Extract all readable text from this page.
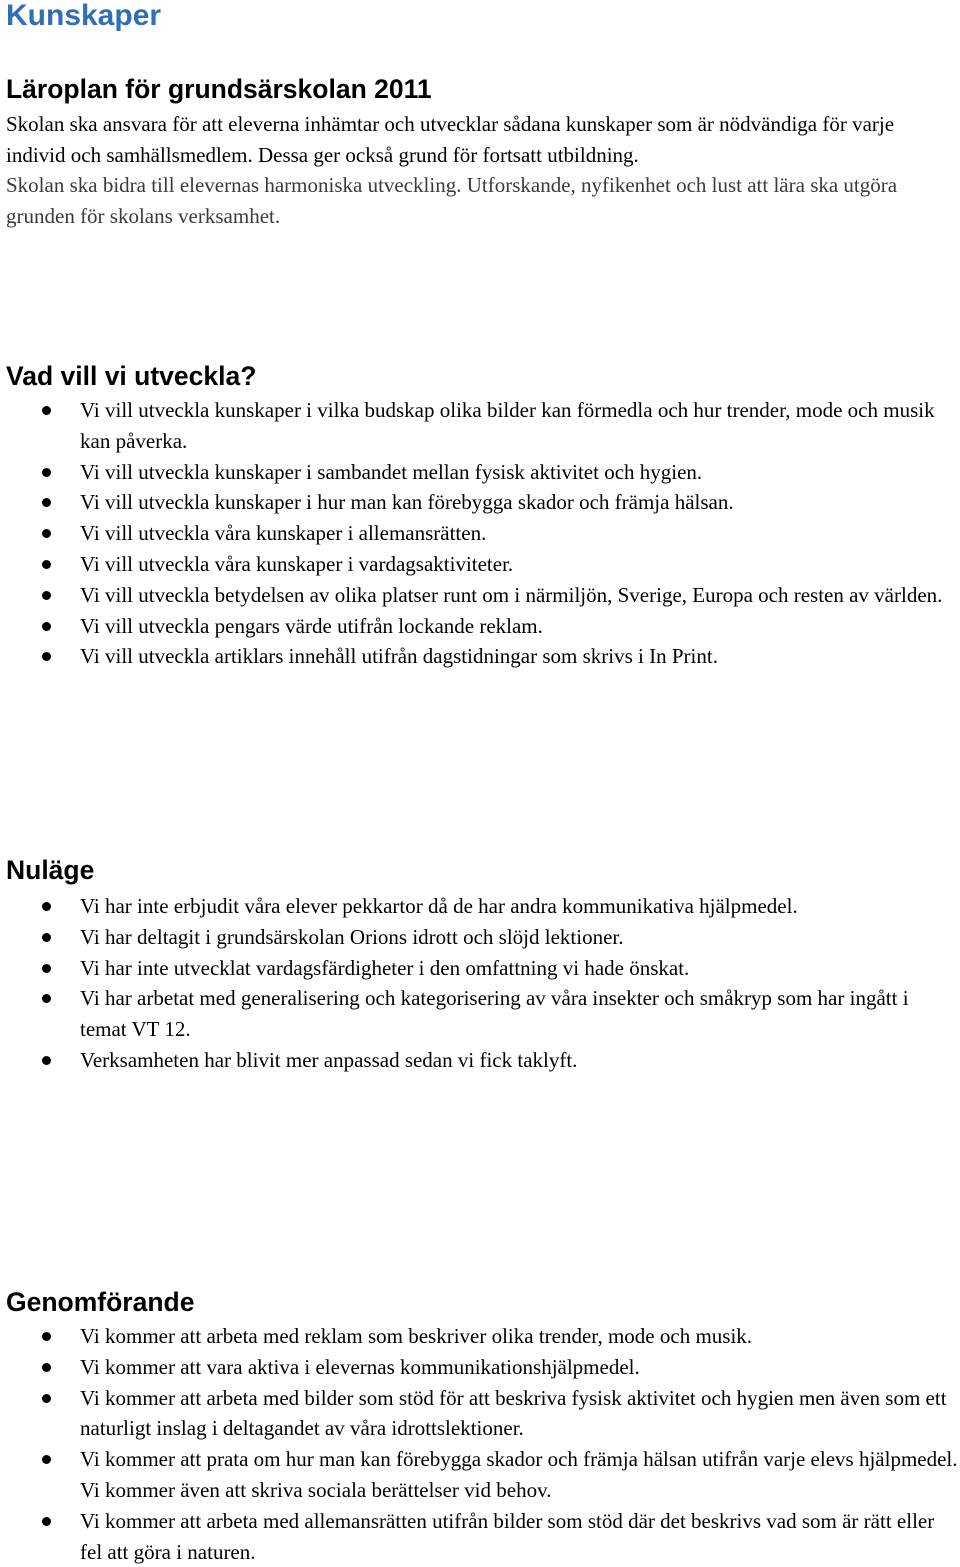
Kunskaper
Läroplan för grundsärskolan 2011

Skolan ska ansvara för att eleverna inhämtar och utvecklar sådana kunskaper som är nödvändiga för varje individ och samhällsmedlem. Dessa ger också grund för fortsatt utbildning.

Skolan ska bidra till elevernas harmoniska utveckling. Utforskande, nyfikenhet och lust att lära ska utgöra grunden för skolans verksamhet.

Vad vill vi utveckla?
Vi vill utveckla kunskaper i vilka budskap olika bilder kan förmedla och hur trender, mode och musik kan påverka.
Vi vill utveckla kunskaper i sambandet mellan fysisk aktivitet och hygien.
Vi vill utveckla kunskaper i hur man kan förebygga skador och främja hälsan.
Vi vill utveckla våra kunskaper i allemansrätten.
Vi vill utveckla våra kunskaper i vardagsaktiviteter.
Vi vill utveckla betydelsen av olika platser runt om i närmiljön, Sverige, Europa och resten av världen.
Vi vill utveckla pengars värde utifrån lockande reklam.
Vi vill utveckla artiklars innehåll utifrån dagstidningar som skrivs i In Print.
Nuläge
Vi har inte erbjudit våra elever pekkartor då de har andra kommunikativa hjälpmedel.
Vi har deltagit i grundsärskolan Orions idrott och slöjd lektioner.
Vi har inte utvecklat vardagsfärdigheter i den omfattning vi hade önskat.
Vi har arbetat med generalisering och kategorisering av våra insekter och småkryp som har ingått i temat VT 12.
Verksamheten har blivit mer anpassad sedan vi fick taklyft.
Genomförande
Vi kommer att arbeta med reklam som beskriver olika trender, mode och musik.
Vi kommer att vara aktiva i elevernas kommunikationshjälpmedel.
Vi kommer att arbeta med bilder som stöd för att beskriva fysisk aktivitet och hygien men även som ett naturligt inslag i deltagandet av våra idrottslektioner.
Vi kommer att prata om hur man kan förebygga skador och främja hälsan utifrån varje elevs hjälpmedel. Vi kommer även att skriva sociala berättelser vid behov.
Vi kommer att arbeta med allemansrätten utifrån bilder som stöd där det beskrivs vad som är rätt eller fel att göra i naturen.
